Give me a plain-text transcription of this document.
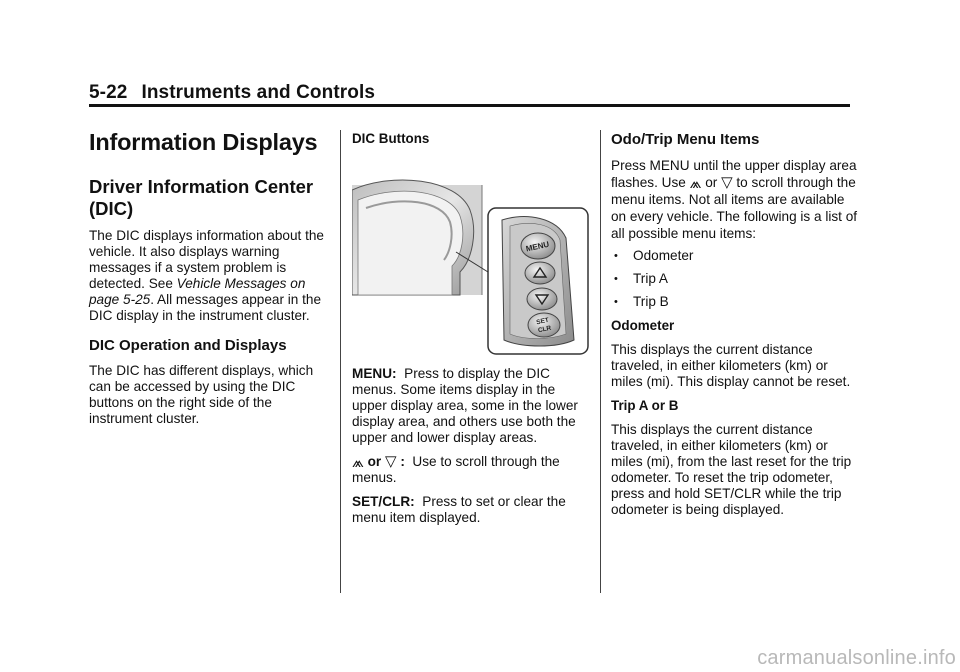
5-22 Instruments and Controls
Information Displays
Driver Information Center (DIC)
The DIC displays information about the vehicle. It also displays warning messages if a system problem is detected. See Vehicle Messages on page 5-25. All messages appear in the DIC display in the instrument cluster.
DIC Operation and Displays
The DIC has different displays, which can be accessed by using the DIC buttons on the right side of the instrument cluster.
DIC Buttons
MENU
SET
CLR
MENU: Press to display the DIC menus. Some items display in the upper display area, some in the lower display area, and others use both the upper and lower display areas.
⩕ or ▽ : Use to scroll through the menus.
SET/CLR: Press to set or clear the menu item displayed.
Odo/Trip Menu Items
Press MENU until the upper display area flashes. Use ⩕ or ▽ to scroll through the menu items. Not all items are available on every vehicle. The following is a list of all possible menu items:
• Odometer
• Trip A
• Trip B
Odometer
This displays the current distance traveled, in either kilometers (km) or miles (mi). This display cannot be reset.
Trip A or B
This displays the current distance traveled, in either kilometers (km) or miles (mi), from the last reset for the trip odometer. To reset the trip odometer, press and hold SET/CLR while the trip odometer is being displayed.
carmanualsonline.info
